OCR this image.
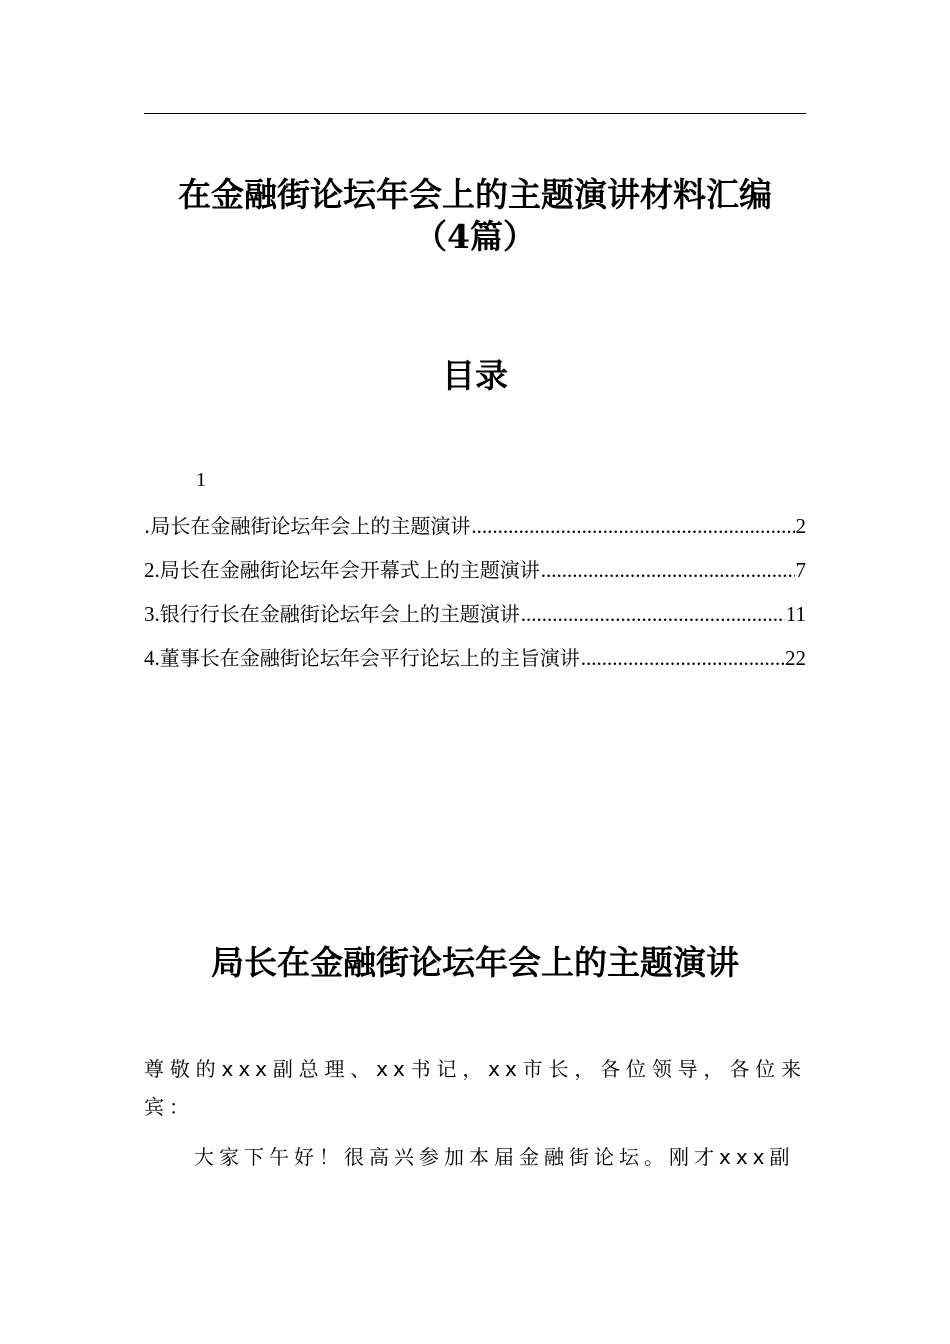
在金融街论坛年会上的主题演讲材料汇编
（4篇）
目录
1
.局长在金融街论坛年会上的主题演讲 .....	2
2. 局长在金融街论坛年会开幕式上的主题演讲 .....	7
3. 银行行长在金融街论坛年会上的主题演讲 .....	11
4. 董事长在金融街论坛年会平行论坛上的主旨演讲 .....	22
局长在金融街论坛年会上的主题演讲

尊敬的xxx副总理、xx书记，xx市长，各位领导，各位来宾：

大家下午好！很高兴参加本届金融街论坛。刚才xxx副
